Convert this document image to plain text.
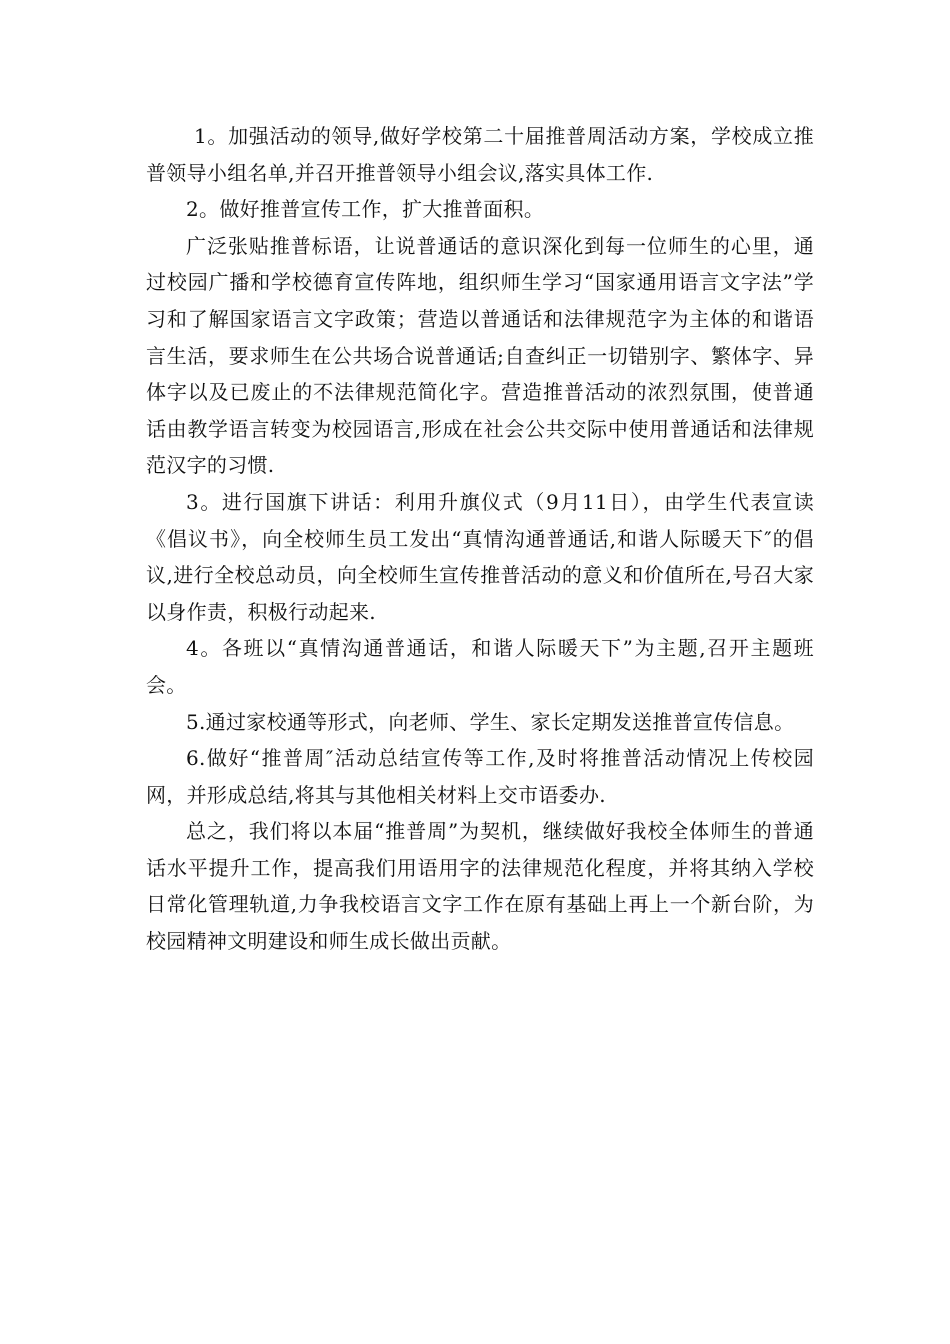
1。加强活动的领导,做好学校第二十届推普周活动方案，学校成立推普领导小组名单,并召开推普领导小组会议,落实具体工作.

2。做好推普宣传工作，扩大推普面积。

广泛张贴推普标语，让说普通话的意识深化到每一位师生的心里，通过校园广播和学校德育宣传阵地，组织师生学习“国家通用语言文字法”学习和了解国家语言文字政策；营造以普通话和法律规范字为主体的和谐语言生活，要求师生在公共场合说普通话;自查纠正一切错别字、繁体字、异体字以及已废止的不法律规范简化字。营造推普活动的浓烈氛围，使普通话由教学语言转变为校园语言,形成在社会公共交际中使用普通话和法律规范汉字的习惯.

3。进行国旗下讲话：利用升旗仪式（9月11日），由学生代表宣读《倡议书》，向全校师生员工发出“真情沟通普通话,和谐人际暖天下″的倡议,进行全校总动员，向全校师生宣传推普活动的意义和价值所在,号召大家以身作责，积极行动起来.

4。各班以“真情沟通普通话，和谐人际暖天下”为主题,召开主题班会。

5.通过家校通等形式，向老师、学生、家长定期发送推普宣传信息。

6.做好“推普周″活动总结宣传等工作,及时将推普活动情况上传校园网，并形成总结,将其与其他相关材料上交市语委办.

总之，我们将以本届“推普周”为契机，继续做好我校全体师生的普通话水平提升工作，提高我们用语用字的法律规范化程度，并将其纳入学校日常化管理轨道,力争我校语言文字工作在原有基础上再上一个新台阶，为校园精神文明建设和师生成长做出贡献。
